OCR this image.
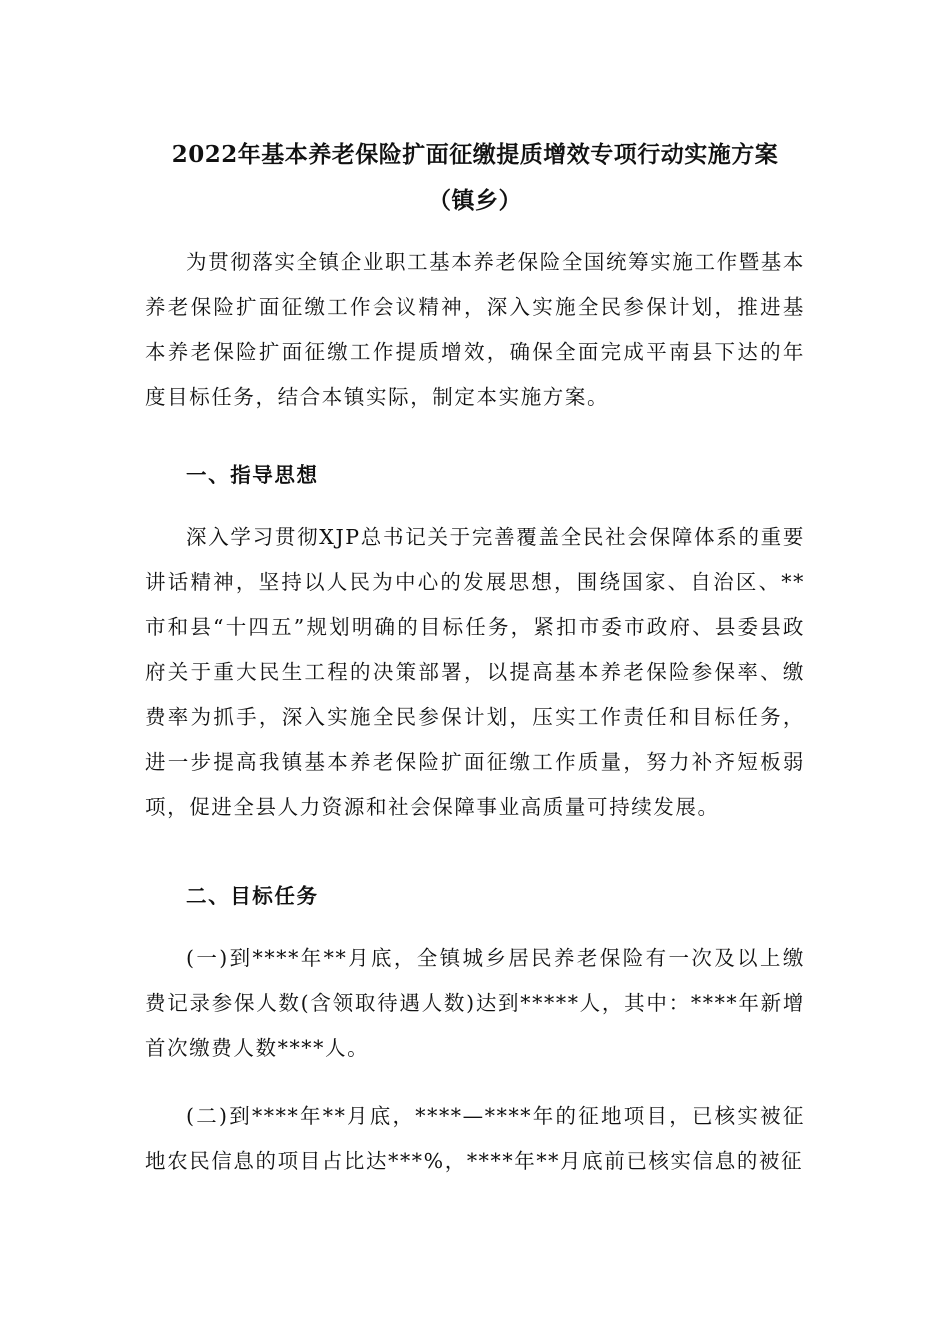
2022年基本养老保险扩面征缴提质增效专项行动实施方案
（镇乡）

为贯彻落实全镇企业职工基本养老保险全国统筹实施工作暨基本养老保险扩面征缴工作会议精神，深入实施全民参保计划，推进基本养老保险扩面征缴工作提质增效，确保全面完成平南县下达的年度目标任务，结合本镇实际，制定本实施方案。

一、指导思想

深入学习贯彻XJP总书记关于完善覆盖全民社会保障体系的重要讲话精神，坚持以人民为中心的发展思想，围绕国家、自治区、**市和县“十四五”规划明确的目标任务，紧扣市委市政府、县委县政府关于重大民生工程的决策部署，以提高基本养老保险参保率、缴费率为抓手，深入实施全民参保计划，压实工作责任和目标任务，进一步提高我镇基本养老保险扩面征缴工作质量，努力补齐短板弱项，促进全县人力资源和社会保障事业高质量可持续发展。

二、目标任务

(一)到****年**月底，全镇城乡居民养老保险有一次及以上缴费记录参保人数(含领取待遇人数)达到*****人，其中：****年新增首次缴费人数****人。

(二)到****年**月底，****—****年的征地项目，已核实被征地农民信息的项目占比达***%，****年**月底前已核实信息的被征
